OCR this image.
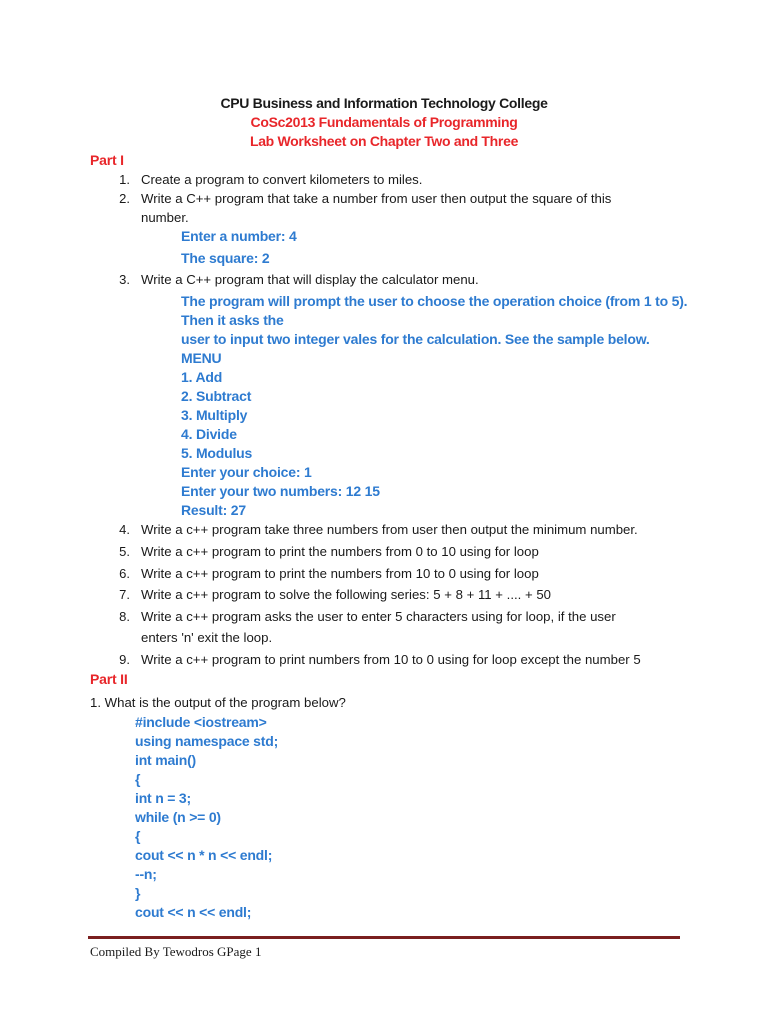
CPU Business and Information Technology College
CoSc2013 Fundamentals of Programming
Lab Worksheet on Chapter Two and Three
Part I
1. Create a program to convert kilometers to miles.
2. Write a C++ program that take a number from user then output the square of this
number.
Enter a number: 4
The square: 2
3. Write a C++ program that will display the calculator menu.
The program will prompt the user to choose the operation choice (from 1 to 5).
Then it asks the
user to input two integer vales for the calculation. See the sample below.
MENU
1. Add
2. Subtract
3. Multiply
4. Divide
5. Modulus
Enter your choice: 1
Enter your two numbers: 12 15
Result: 27
4. Write a c++ program take three numbers from user then output the minimum number.
5. Write a c++ program to print the numbers from 0 to 10 using for loop
6. Write a c++ program to print the numbers from 10 to 0 using for loop
7. Write a c++ program to solve the following series: 5 + 8 + 11 + .... + 50
8. Write a c++ program asks the user to enter 5 characters using for loop, if the user
enters 'n' exit the loop.
9. Write a c++ program to print numbers from 10 to 0 using for loop except the number 5
Part II
1. What is the output of the program below?
#include <iostream>
using namespace std;
int main()
{
int n = 3;
while (n >= 0)
{
cout << n * n << endl;
--n;
}
cout << n << endl;
Compiled By Tewodros GPage 1
